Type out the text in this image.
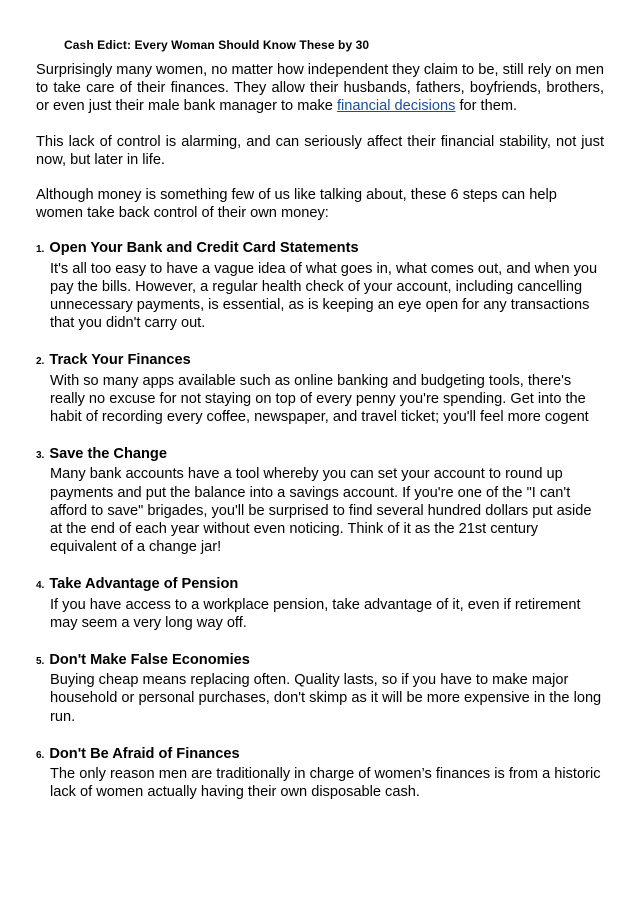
Cash Edict: Every Woman Should Know These by 30

Surprisingly many women, no matter how independent they claim to be, still rely on men to take care of their finances. They allow their husbands, fathers, boyfriends, brothers, or even just their male bank manager to make financial decisions for them.

This lack of control is alarming, and can seriously affect their financial stability, not just now, but later in life.

Although money is something few of us like talking about, these 6 steps can help women take back control of their own money:

1. Open Your Bank and Credit Card Statements
It's all too easy to have a vague idea of what goes in, what comes out, and when you pay the bills. However, a regular health check of your account, including cancelling unnecessary payments, is essential, as is keeping an eye open for any transactions that you didn't carry out.
2. Track Your Finances
With so many apps available such as online banking and budgeting tools, there's really no excuse for not staying on top of every penny you're spending. Get into the habit of recording every coffee, newspaper, and travel ticket; you'll feel more cogent
3. Save the Change
Many bank accounts have a tool whereby you can set your account to round up payments and put the balance into a savings account. If you're one of the "I can't afford to save" brigades, you'll be surprised to find several hundred dollars put aside at the end of each year without even noticing. Think of it as the 21st century equivalent of a change jar!
4. Take Advantage of Pension
If you have access to a workplace pension, take advantage of it, even if retirement may seem a very long way off.
5. Don't Make False Economies
Buying cheap means replacing often. Quality lasts, so if you have to make major household or personal purchases, don't skimp as it will be more expensive in the long run.
6. Don't Be Afraid of Finances
The only reason men are traditionally in charge of women’s finances is from a historic lack of women actually having their own disposable cash.
